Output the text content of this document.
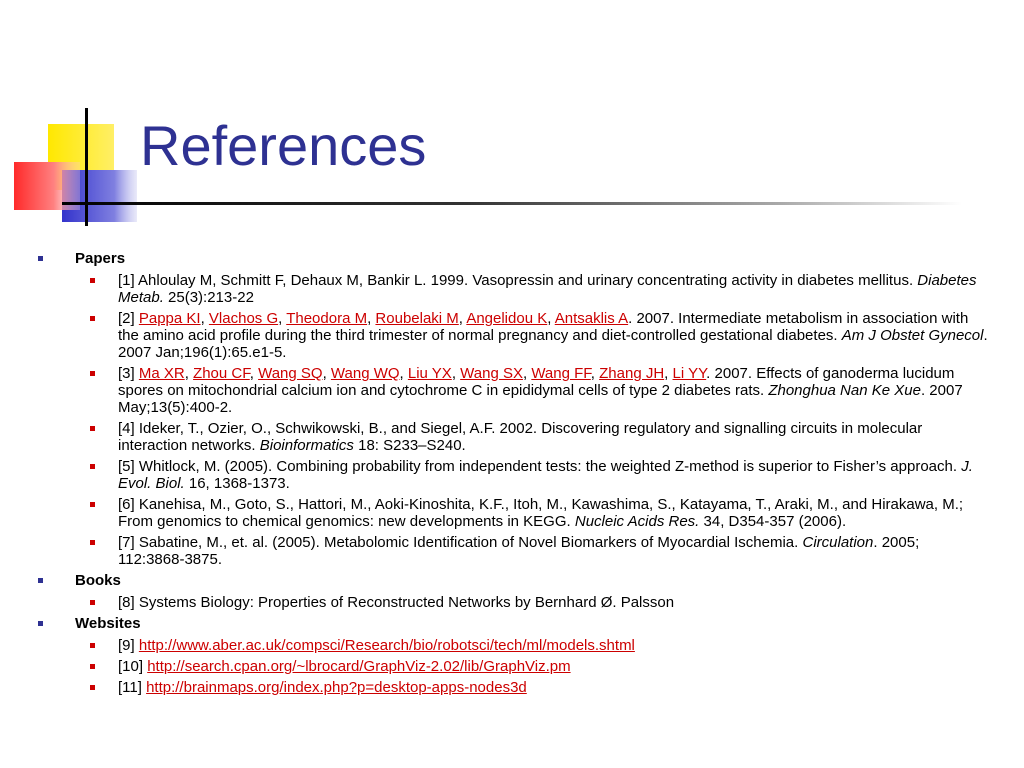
References
Papers
[1] Ahloulay M, Schmitt F, Dehaux M, Bankir L. 1999. Vasopressin and urinary concentrating activity in diabetes mellitus. Diabetes Metab. 25(3):213-22
[2] Pappa KI, Vlachos G, Theodora M, Roubelaki M, Angelidou K, Antsaklis A. 2007. Intermediate metabolism in association with the amino acid profile during the third trimester of normal pregnancy and diet-controlled gestational diabetes. Am J Obstet Gynecol. 2007 Jan;196(1):65.e1-5.
[3] Ma XR, Zhou CF, Wang SQ, Wang WQ, Liu YX, Wang SX, Wang FF, Zhang JH, Li YY. 2007. Effects of ganoderma lucidum spores on mitochondrial calcium ion and cytochrome C in epididymal cells of type 2 diabetes rats. Zhonghua Nan Ke Xue. 2007 May;13(5):400-2.
[4] Ideker, T., Ozier, O., Schwikowski, B., and Siegel, A.F. 2002. Discovering regulatory and signalling circuits in molecular interaction networks. Bioinformatics 18: S233–S240.
[5] Whitlock, M. (2005). Combining probability from independent tests: the weighted Z-method is superior to Fisher’s approach. J. Evol. Biol. 16, 1368-1373.
[6] Kanehisa, M., Goto, S., Hattori, M., Aoki-Kinoshita, K.F., Itoh, M., Kawashima, S., Katayama, T., Araki, M., and Hirakawa, M.; From genomics to chemical genomics: new developments in KEGG. Nucleic Acids Res. 34, D354-357 (2006).
[7] Sabatine, M., et. al. (2005). Metabolomic Identification of Novel Biomarkers of Myocardial Ischemia. Circulation. 2005; 112:3868-3875.
Books
[8] Systems Biology: Properties of Reconstructed Networks by Bernhard Ø. Palsson
Websites
[9] http://www.aber.ac.uk/compsci/Research/bio/robotsci/tech/ml/models.shtml
[10] http://search.cpan.org/~lbrocard/GraphViz-2.02/lib/GraphViz.pm
[11] http://brainmaps.org/index.php?p=desktop-apps-nodes3d
